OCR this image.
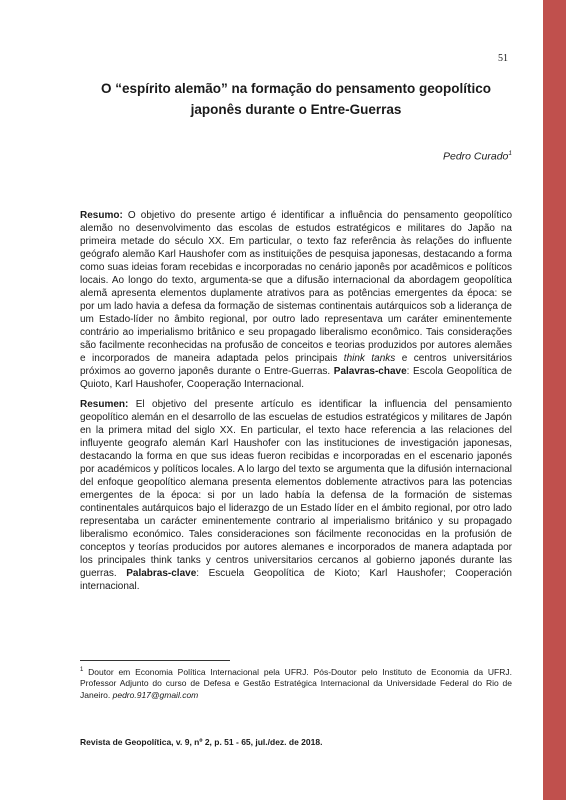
51
O “espírito alemão” na formação do pensamento geopolítico
japonês durante o Entre-Guerras
Pedro Curado$^1$
Resumo: O objetivo do presente artigo é identificar a influência do pensamento geopolítico alemão no desenvolvimento das escolas de estudos estratégicos e militares do Japão na primeira metade do século XX. Em particular, o texto faz referência às relações do influente geógrafo alemão Karl Haushofer com as instituições de pesquisa japonesas, destacando a forma como suas ideias foram recebidas e incorporadas no cenário japonês por acadêmicos e políticos locais. Ao longo do texto, argumenta-se que a difusão internacional da abordagem geopolítica alemã apresenta elementos duplamente atrativos para as potências emergentes da época: se por um lado havia a defesa da formação de sistemas continentais autárquicos sob a liderança de um Estado-líder no âmbito regional, por outro lado representava um caráter eminentemente contrário ao imperialismo britânico e seu propagado liberalismo econômico. Tais considerações são facilmente reconhecidas na profusão de conceitos e teorias produzidos por autores alemães e incorporados de maneira adaptada pelos principais think tanks e centros universitários próximos ao governo japonês durante o Entre-Guerras. Palavras-chave: Escola Geopolítica de Quioto, Karl Haushofer, Cooperação Internacional.
Resumen: El objetivo del presente artículo es identificar la influencia del pensamiento geopolítico alemán en el desarrollo de las escuelas de estudios estratégicos y militares de Japón en la primera mitad del siglo XX. En particular, el texto hace referencia a las relaciones del influyente geografo alemán Karl Haushofer con las instituciones de investigación japonesas, destacando la forma en que sus ideas fueron recibidas e incorporadas en el escenario japonés por académicos y políticos locales. A lo largo del texto se argumenta que la difusión internacional del enfoque geopolítico alemana presenta elementos doblemente atractivos para las potencias emergentes de la época: si por un lado había la defensa de la formación de sistemas continentales autárquicos bajo el liderazgo de un Estado líder en el ámbito regional, por otro lado representaba un carácter eminentemente contrario al imperialismo británico y su propagado liberalismo económico. Tales consideraciones son fácilmente reconocidas en la profusión de conceptos y teorías producidos por autores alemanes e incorporados de manera adaptada por los principales think tanks y centros universitarios cercanos al gobierno japonés durante las guerras. Palabras-clave: Escuela Geopolítica de Kioto; Karl Haushofer; Cooperación internacional.
$^1$ Doutor em Economia Política Internacional pela UFRJ. Pós-Doutor pelo Instituto de Economia da UFRJ. Professor Adjunto do curso de Defesa e Gestão Estratégica Internacional da Universidade Federal do Rio de Janeiro. pedro.917@gmail.com
Revista de Geopolítica, v. 9, nº 2, p. 51 - 65, jul./dez. de 2018.
